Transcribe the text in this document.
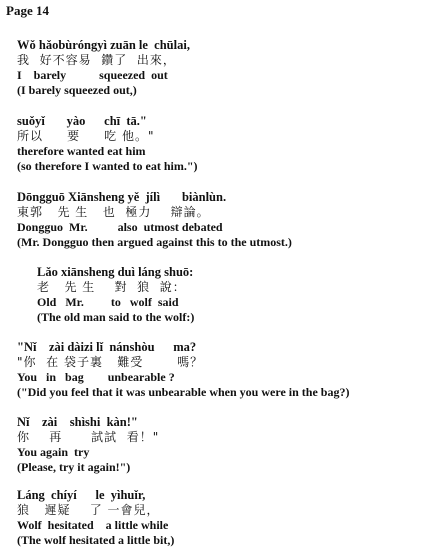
Page 14
Wǒ hǎobùróngyì zuān le  chūlai,
我  好不容易  鑽了  出來，
I    barely           squeezed  out
(I barely squeezed out,)
suǒyǐ       yào      chī  tā."
所以     要     吃 他。"
therefore wanted eat him
(so therefore I wanted to eat him.")
Dōngguō Xiānsheng yě  jílì       biànlùn.
東郭   先 生   也  極力    辯論。
Dongguo  Mr.          also  utmost debated
(Mr. Dongguo then argued against this to the utmost.)
Lǎo xiānsheng duì láng shuō:
老   先 生    對  狼  說：
Old   Mr.         to   wolf  said
(The old man said to the wolf:)
"Nǐ    zài dàizi lǐ  nánshòu      ma?
"你  在 袋子裏   難受       嗎？
You   in   bag        unbearable ?
("Did you feel that it was unbearable when you were in the bag?)
Nǐ    zài    shìshi  kàn!"
你    再      試試  看！"
You again  try
(Please, try it again!")
Láng  chíyí      le  yìhuǐr,
狼   遲疑    了 一會兒，
Wolf  hesitated    a little while
(The wolf hesitated a little bit,)
